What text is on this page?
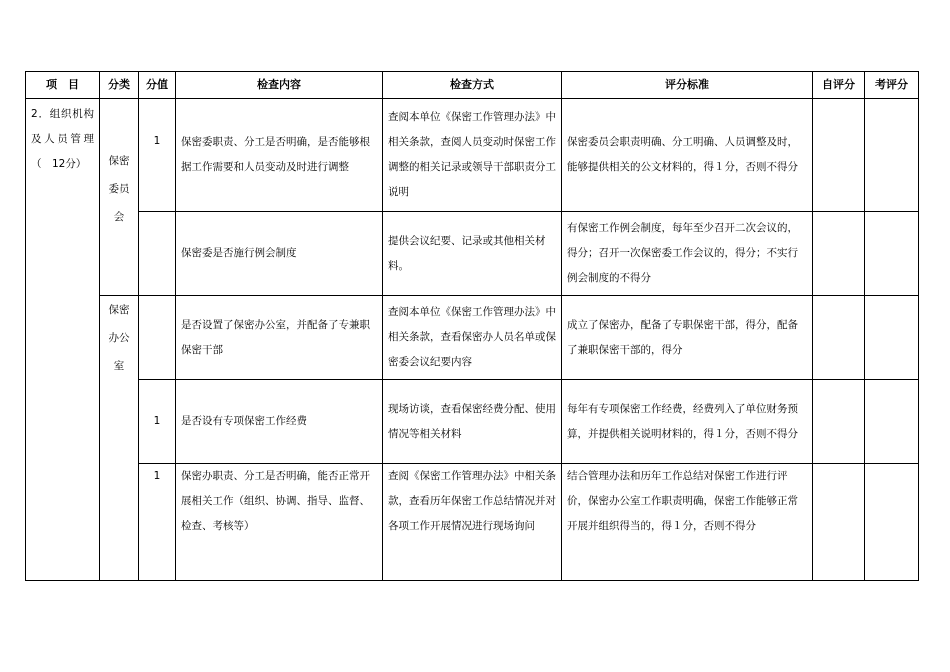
项　目	分类	分值	检查内容	检查方式	评分标准	自评分	考评分
2．组织机构及人员管理　（　12分）	保密委员会	1	保密委职责、分工是否明确，是否能够根据工作需要和人员变动及时进行调整	查阅本单位《保密工作管理办法》中相关条款，查阅人员变动时保密工作调整的相关记录或领导干部职责分工说明	保密委员会职责明确、分工明确、人员调整及时，能够提供相关的公文材料的，得１分，否则不得分		
			保密委是否施行例会制度	提供会议纪要、记录或其他相关材料。	有保密工作例会制度，每年至少召开二次会议的，得分；召开一次保密委工作会议的，得分；不实行例会制度的不得分		

	保密办公室		是否设置了保密办公室，并配备了专兼职保密干部	查阅本单位《保密工作管理办法》中相关条款，查看保密办人员名单或保密委会议纪要内容	成立了保密办，配备了专职保密干部，得分，配备了兼职保密干部的，得分		
		1	是否设有专项保密工作经费	现场访谈，查看保密经费分配、使用情况等相关材料	每年有专项保密工作经费，经费列入了单位财务预算，并提供相关说明材料的，得１分，否则不得分		
		1	保密办职责、分工是否明确，能否正常开展相关工作（组织、协调、指导、监督、检查、考核等）	查阅《保密工作管理办法》中相关条款，查看历年保密工作总结情况并对各项工作开展情况进行现场询问	结合管理办法和历年工作总结对保密工作进行评价，保密办公室工作职责明确，保密工作能够正常开展并组织得当的，得１分，否则不得分		
